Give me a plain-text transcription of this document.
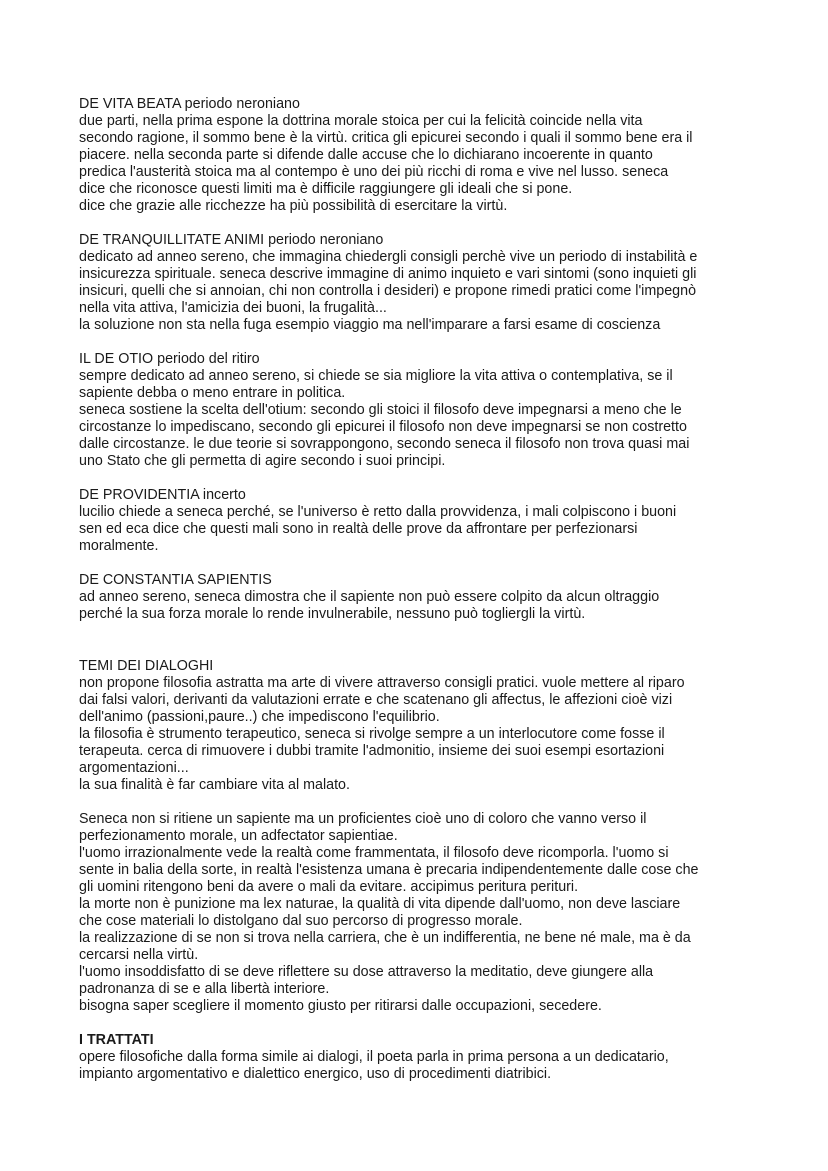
DE VITA BEATA periodo neroniano
due parti, nella prima espone la dottrina morale stoica per cui la felicità coincide nella vita
secondo ragione, il sommo bene è la virtù. critica gli epicurei secondo i quali il sommo bene era il
piacere. nella seconda parte si difende dalle accuse che lo dichiarano incoerente in quanto
predica l'austerità stoica ma al contempo è uno dei più ricchi di roma e vive nel lusso. seneca
dice che riconosce questi limiti ma è difficile raggiungere gli ideali che si pone.
dice che grazie alle ricchezze ha più possibilità di esercitare la virtù.
DE TRANQUILLITATE ANIMI periodo neroniano
dedicato ad anneo sereno, che immagina chiedergli consigli perchè vive un periodo di instabilità e
insicurezza spirituale. seneca descrive immagine di animo inquieto e vari sintomi (sono inquieti gli
insicuri, quelli che si annoian, chi non controlla i desideri) e propone rimedi pratici come l'impegnò
nella vita attiva, l'amicizia dei buoni, la frugalità...
la soluzione non sta nella fuga esempio viaggio ma nell'imparare a farsi esame di coscienza
IL DE OTIO periodo del ritiro
sempre dedicato ad anneo sereno, si chiede se sia migliore la vita attiva o contemplativa, se il
sapiente debba o meno entrare in politica.
seneca sostiene la scelta dell'otium: secondo gli stoici il filosofo deve impegnarsi a meno che le
circostanze lo impediscano, secondo gli epicurei il filosofo non deve impegnarsi se non costretto
dalle circostanze. le due teorie si sovrappongono, secondo seneca il filosofo non trova quasi mai
uno Stato che gli permetta di agire secondo i suoi principi.
DE PROVIDENTIA incerto
lucilio chiede a seneca perché, se l'universo è retto dalla provvidenza, i mali colpiscono i buoni
sen ed eca dice che questi mali sono in realtà delle prove da affrontare per perfezionarsi
moralmente.
DE CONSTANTIA SAPIENTIS
ad anneo sereno, seneca dimostra che il sapiente non può essere colpito da alcun oltraggio
perché la sua forza morale lo rende invulnerabile, nessuno può togliergli la virtù.
TEMI DEI DIALOGHI
non propone filosofia astratta ma arte di vivere attraverso consigli pratici. vuole mettere al riparo
dai falsi valori, derivanti da valutazioni errate e che scatenano gli affectus, le affezioni cioè vizi
dell'animo (passioni,paure..) che impediscono l'equilibrio.
la filosofia è strumento terapeutico, seneca si rivolge sempre a un interlocutore come fosse il
terapeuta. cerca di rimuovere i dubbi tramite l'admonitio, insieme dei suoi esempi esortazioni
argomentazioni...
la sua finalità è far cambiare vita al malato.
Seneca non si ritiene un sapiente ma un proficientes cioè uno di coloro che vanno verso il
perfezionamento morale, un adfectator sapientiae.
l'uomo irrazionalmente vede la realtà come frammentata, il filosofo deve ricomporla. l'uomo si
sente in balia della sorte, in realtà l'esistenza umana è precaria indipendentemente dalle cose che
gli uomini ritengono beni da avere o mali da evitare. accipimus peritura perituri.
la morte non è punizione ma lex naturae, la qualità di vita dipende dall'uomo, non deve lasciare
che cose materiali lo distolgano dal suo percorso di progresso morale.
la realizzazione di se non si trova nella carriera, che è un indifferentia, ne bene né male, ma è da
cercarsi nella virtù.
l'uomo insoddisfatto di se deve riflettere su dose attraverso la meditatio, deve giungere alla
padronanza di se e alla libertà interiore.
bisogna saper scegliere il momento giusto per ritirarsi dalle occupazioni, secedere.
I TRATTATI
opere filosofiche dalla forma simile ai dialogi, il poeta parla in prima persona a un dedicatario,
impianto argomentativo e dialettico energico, uso di procedimenti diatribici.
